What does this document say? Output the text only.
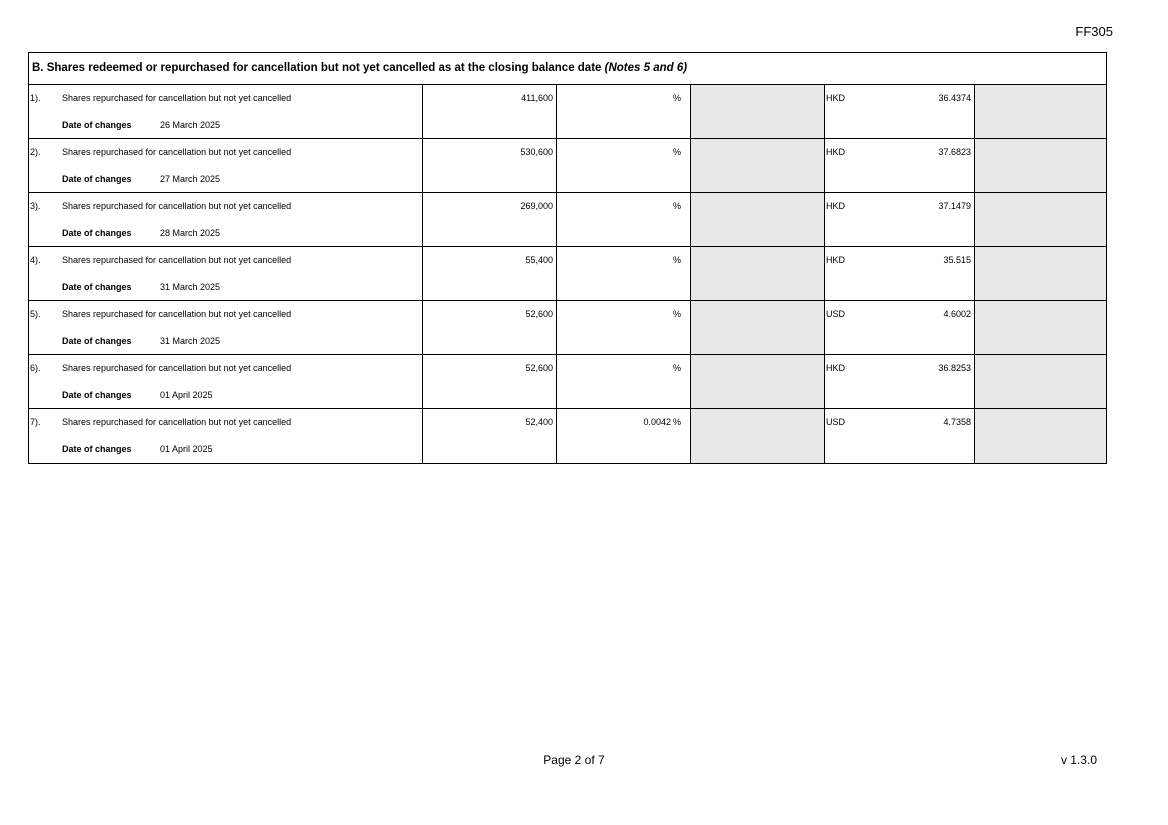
FF305
B. Shares redeemed or repurchased for cancellation but not yet cancelled as at the closing balance date (Notes 5 and 6)
1). Shares repurchased for cancellation but not yet cancelled
Date of changes	26 March 2025
411,600	%	HKD	36.4374
2). Shares repurchased for cancellation but not yet cancelled
Date of changes	27 March 2025
530,600	%	HKD	37.6823
3). Shares repurchased for cancellation but not yet cancelled
Date of changes	28 March 2025
269,000	%	HKD	37.1479
4). Shares repurchased for cancellation but not yet cancelled
Date of changes	31 March 2025
55,400	%	HKD	35.515
5). Shares repurchased for cancellation but not yet cancelled
Date of changes	31 March 2025
52,600	%	USD	4.6002
6). Shares repurchased for cancellation but not yet cancelled
Date of changes	01 April 2025
52,600	%	HKD	36.8253
7). Shares repurchased for cancellation but not yet cancelled
Date of changes	01 April 2025
52,400	0.0042 %	USD	4.7358
Page 2 of 7	v 1.3.0
